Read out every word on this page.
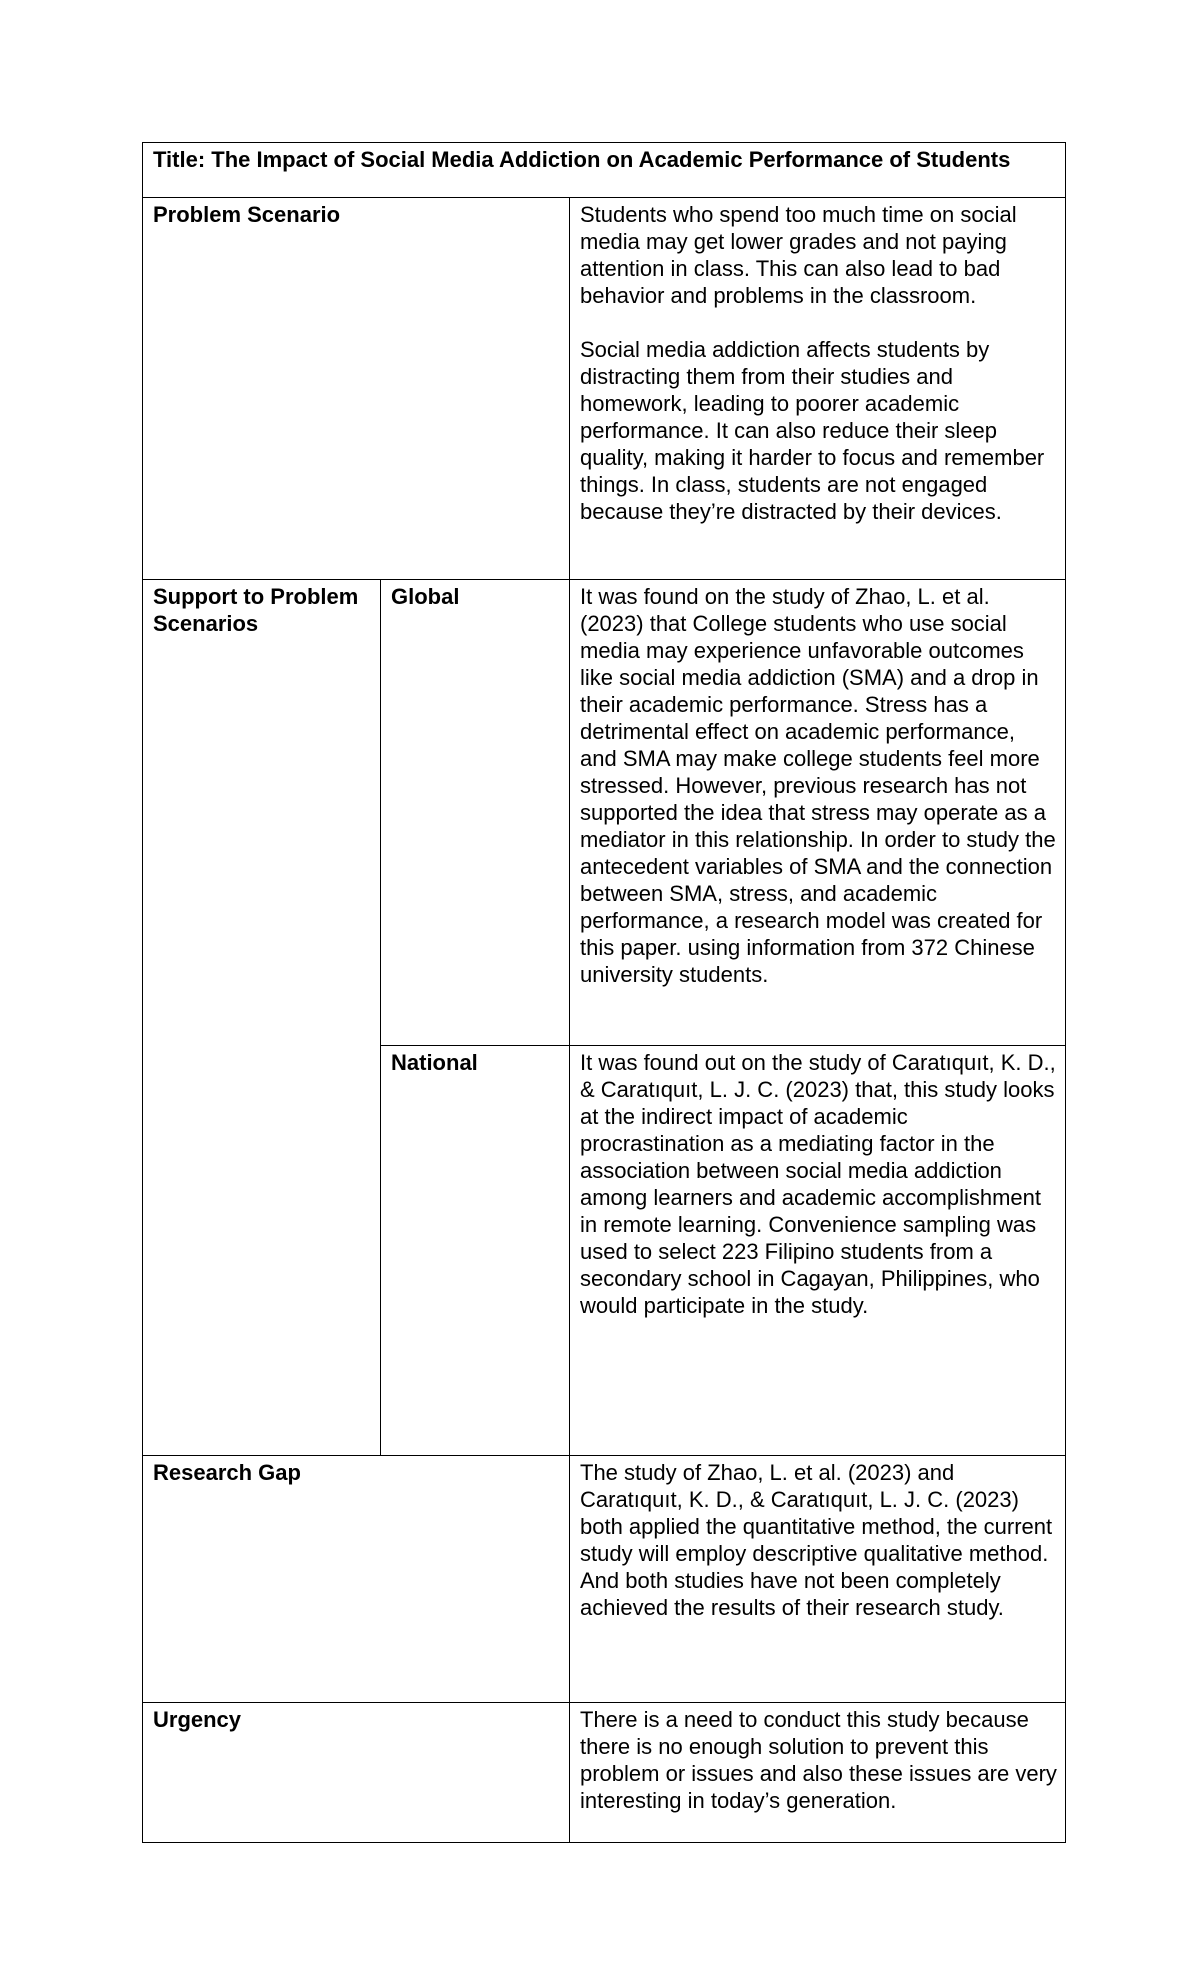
Title: The Impact of Social Media Addiction on Academic Performance of Students		
Problem Scenario		Students who spend too much time on social media may get lower grades and not paying attention in class. This can also lead to bad behavior and problems in the classroom.

Social media addiction affects students by distracting them from their studies and homework, leading to poorer academic performance. It can also reduce their sleep quality, making it harder to focus and remember things. In class, students are not engaged because they’re distracted by their devices.

Support to Problem Scenarios	Global	It was found on the study of Zhao, L. et al. (2023) that College students who use social media may experience unfavorable outcomes like social media addiction (SMA) and a drop in their academic performance. Stress has a detrimental effect on academic performance, and SMA may make college students feel more stressed. However, previous research has not supported the idea that stress may operate as a mediator in this relationship. In order to study the antecedent variables of SMA and the connection between SMA, stress, and academic performance, a research model was created for this paper. using information from 372 Chinese university students.

	National	It was found out on the study of Caratıquıt, K. D., & Caratıquıt, L. J. C. (2023) that, this study looks at the indirect impact of academic procrastination as a mediating factor in the association between social media addiction among learners and academic accomplishment in remote learning. Convenience sampling was used to select 223 Filipino students from a secondary school in Cagayan, Philippines, who would participate in the study.

Research Gap		The study of Zhao, L. et al. (2023) and Caratıquıt, K. D., & Caratıquıt, L. J. C. (2023) both applied the quantitative method, the current study will employ descriptive qualitative method. And both studies have not been completely achieved the results of their research study.

Urgency		There is a need to conduct this study because there is no enough solution to prevent this problem or issues and also these issues are very interesting in today’s generation.
